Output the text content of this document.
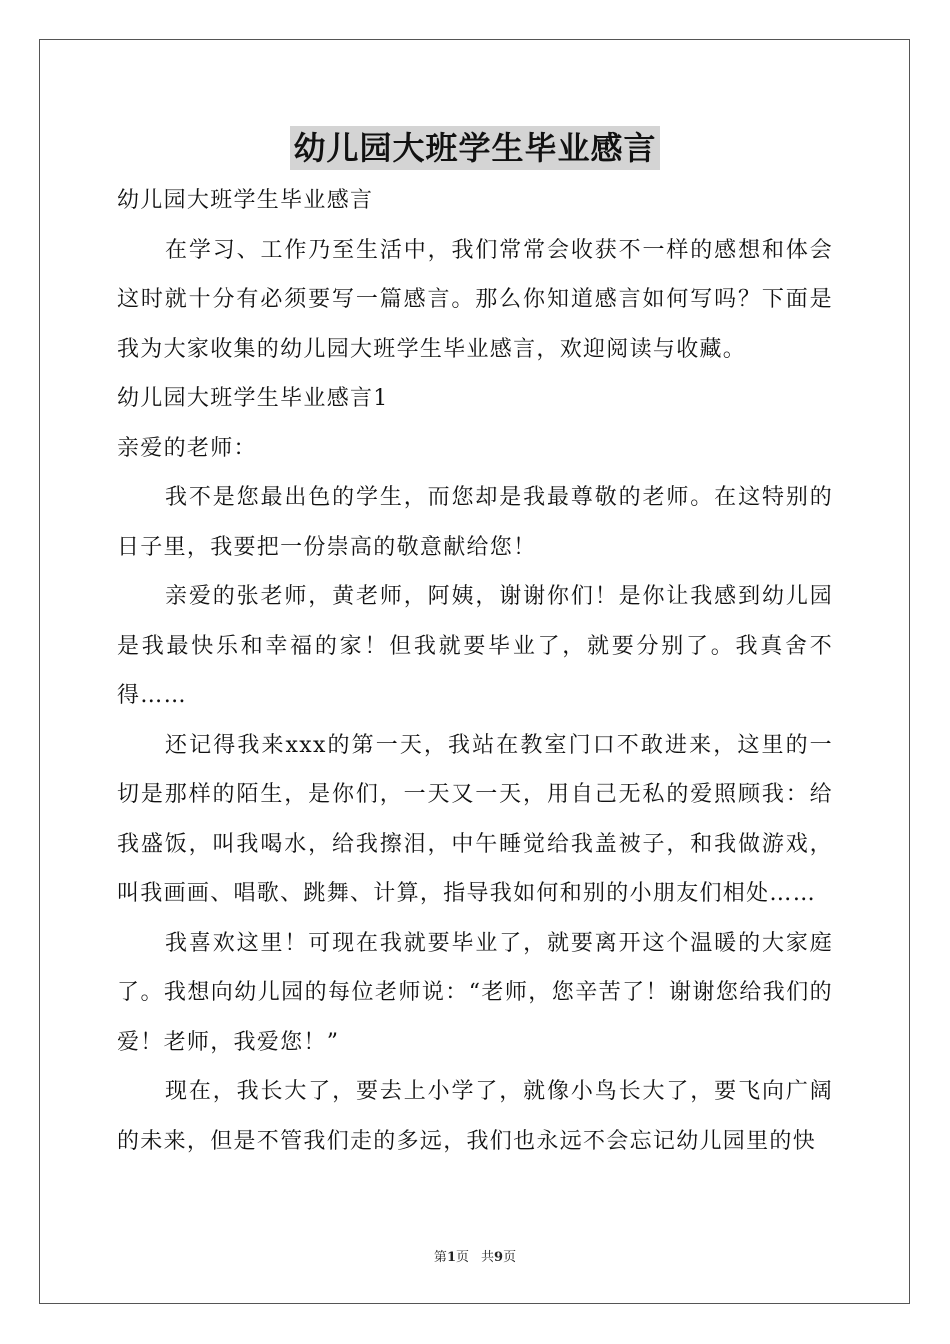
幼儿园大班学生毕业感言

幼儿园大班学生毕业感言

在学习、工作乃至生活中，我们常常会收获不一样的感想和体会这时就十分有必须要写一篇感言。那么你知道感言如何写吗？下面是我为大家收集的幼儿园大班学生毕业感言，欢迎阅读与收藏。

幼儿园大班学生毕业感言1

亲爱的老师：

我不是您最出色的学生，而您却是我最尊敬的老师。在这特别的日子里，我要把一份崇高的敬意献给您！

亲爱的张老师，黄老师，阿姨，谢谢你们！是你让我感到幼儿园是我最快乐和幸福的家！但我就要毕业了，就要分别了。我真舍不得……

还记得我来xxx的第一天，我站在教室门口不敢进来，这里的一切是那样的陌生，是你们，一天又一天，用自己无私的爱照顾我：给我盛饭，叫我喝水，给我擦泪，中午睡觉给我盖被子，和我做游戏，叫我画画、唱歌、跳舞、计算，指导我如何和别的小朋友们相处……

我喜欢这里！可现在我就要毕业了，就要离开这个温暖的大家庭了。我想向幼儿园的每位老师说：“老师，您辛苦了！谢谢您给我们的爱！老师，我爱您！”

现在，我长大了，要去上小学了，就像小鸟长大了，要飞向广阔的未来，但是不管我们走的多远，我们也永远不会忘记幼儿园里的快

第1页 共9页
